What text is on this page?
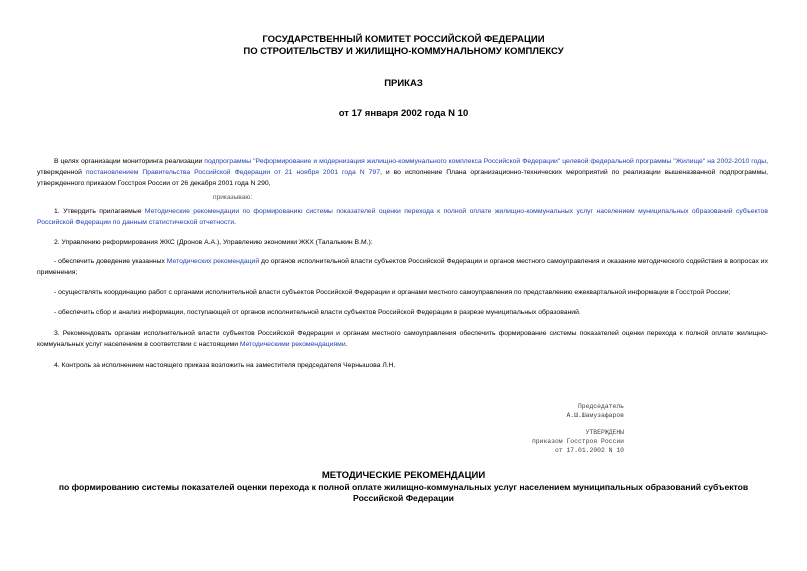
ГОСУДАРСТВЕННЫЙ КОМИТЕТ РОССИЙСКОЙ ФЕДЕРАЦИИ
ПО СТРОИТЕЛЬСТВУ И ЖИЛИЩНО-КОММУНАЛЬНОМУ КОМПЛЕКСУ
ПРИКАЗ
от 17 января 2002 года N 10
В целях организации мониторинга реализации подпрограммы "Реформирование и модернизация жилищно-коммунального комплекса Российской Федерации" целевой федеральной программы "Жилище" на 2002-2010 годы, утвержденной постановлением Правительства Российской Федерации от 21 ноября 2001 года N 797, и во исполнение Плана организационно-технических мероприятий по реализации вышеназванной подпрограммы, утвержденного приказом Госстроя России от 26 декабря 2001 года N 290,
приказываю:
1. Утвердить прилагаемые Методические рекомендации по формированию системы показателей оценки перехода к полной оплате жилищно-коммунальных услуг населением муниципальных образований субъектов Российской Федерации по данным статистической отчетности.
2. Управлению реформирования ЖКС (Дронов А.А.), Управлению экономики ЖКХ (Талалыкин В.М.):
- обеспечить доведение указанных Методических рекомендаций до органов исполнительной власти субъектов Российской Федерации и органов местного самоуправления и оказание методического содействия в вопросах их применения;
- осуществлять координацию работ с органами исполнительной власти субъектов Российской Федерации и органами местного самоуправления по представлению ежеквартальной информации в Госстрой России;
- обеспечить сбор и анализ информации, поступающей от органов исполнительной власти субъектов Российской Федерации в разрезе муниципальных образований.
3. Рекомендовать органам исполнительной власти субъектов Российской Федерации и органам местного самоуправления обеспечить формирование системы показателей оценки перехода к полной оплате жилищно-коммунальных услуг населением в соответствии с настоящими Методическими рекомендациями.
4. Контроль за исполнением настоящего приказа возложить на заместителя председателя Чернышова Л.Н.
Председатель
А.Ш.Шамузафаров
УТВЕРЖДЕНЫ
приказом Госстроя России
от 17.01.2002 N 10
МЕТОДИЧЕСКИЕ РЕКОМЕНДАЦИИ
по формированию системы показателей оценки перехода к полной оплате жилищно-коммунальных услуг населением муниципальных образований субъектов Российской Федерации
